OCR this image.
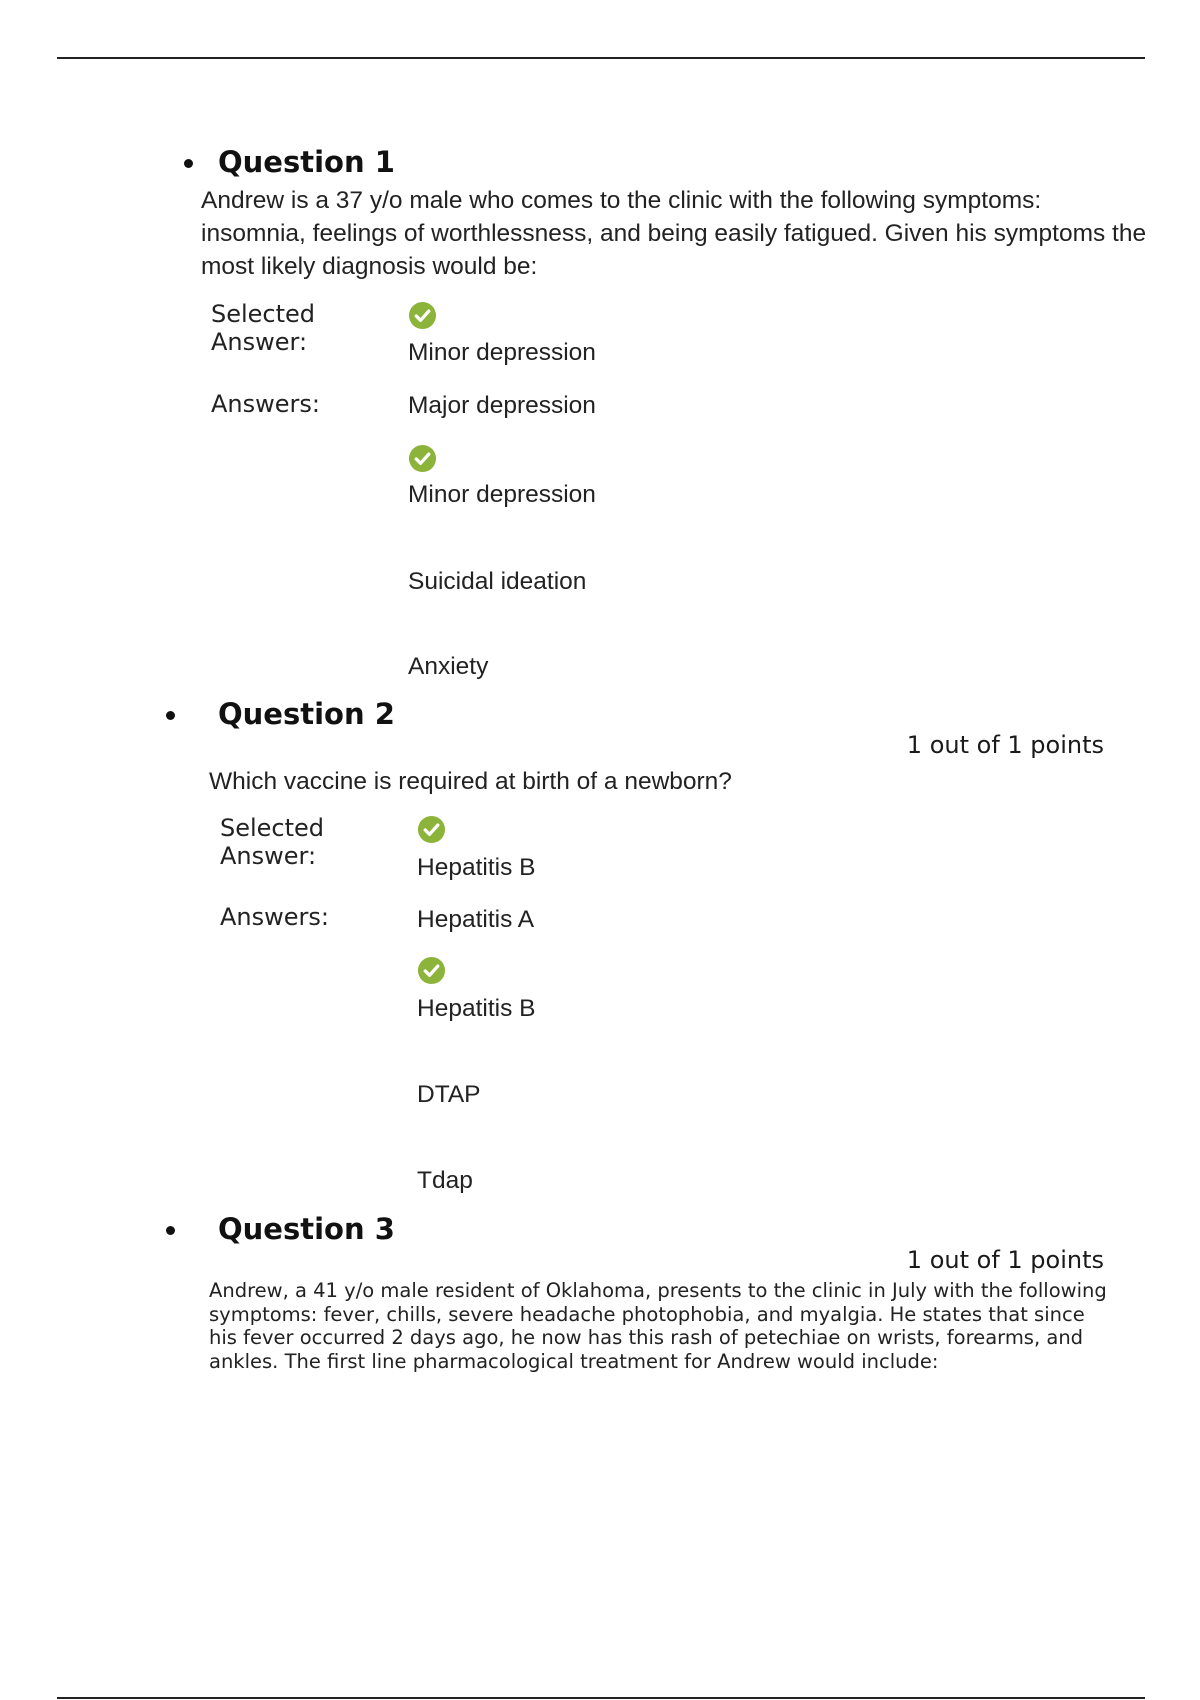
Question 1
Andrew is a 37 y/o male who comes to the clinic with the following symptoms: insomnia, feelings of worthlessness, and being easily fatigued. Given his symptoms the most likely diagnosis would be:
Selected Answer:	Minor depression
Answers:	Major depression
Minor depression
Suicidal ideation
Anxiety
Question 2
1 out of 1 points
Which vaccine is required at birth of a newborn?
Selected Answer:	Hepatitis B
Answers:	Hepatitis A
Hepatitis B
DTAP
Tdap
Question 3
1 out of 1 points
Andrew, a 41 y/o male resident of Oklahoma, presents to the clinic in July with the following symptoms: fever, chills, severe headache photophobia, and myalgia. He states that since his fever occurred 2 days ago, he now has this rash of petechiae on wrists, forearms, and ankles. The first line pharmacological treatment for Andrew would include:
